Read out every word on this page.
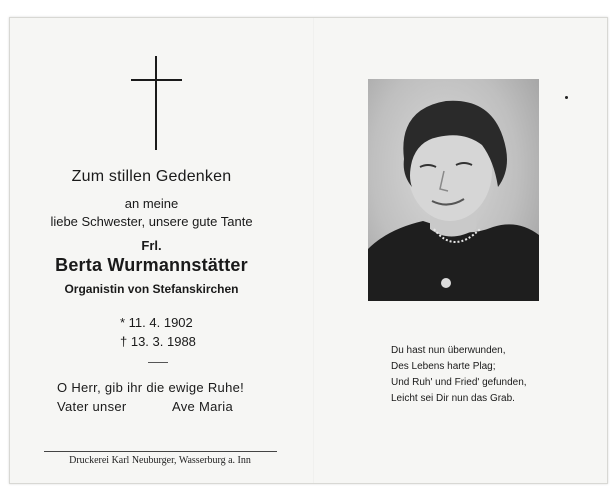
Zum stillen Gedenken
an meine
liebe Schwester, unsere gute Tante
Frl.
Berta Wurmannstätter
Organistin von Stefanskirchen
* 11. 4. 1902
† 13. 3. 1988
O Herr, gib ihr die ewige Ruhe!
Vater unser	Ave Maria
Druckerei Karl Neuburger, Wasserburg a. Inn
Du hast nun überwunden,
Des Lebens harte Plag;
Und Ruh' und Fried' gefunden,
Leicht sei Dir nun das Grab.
